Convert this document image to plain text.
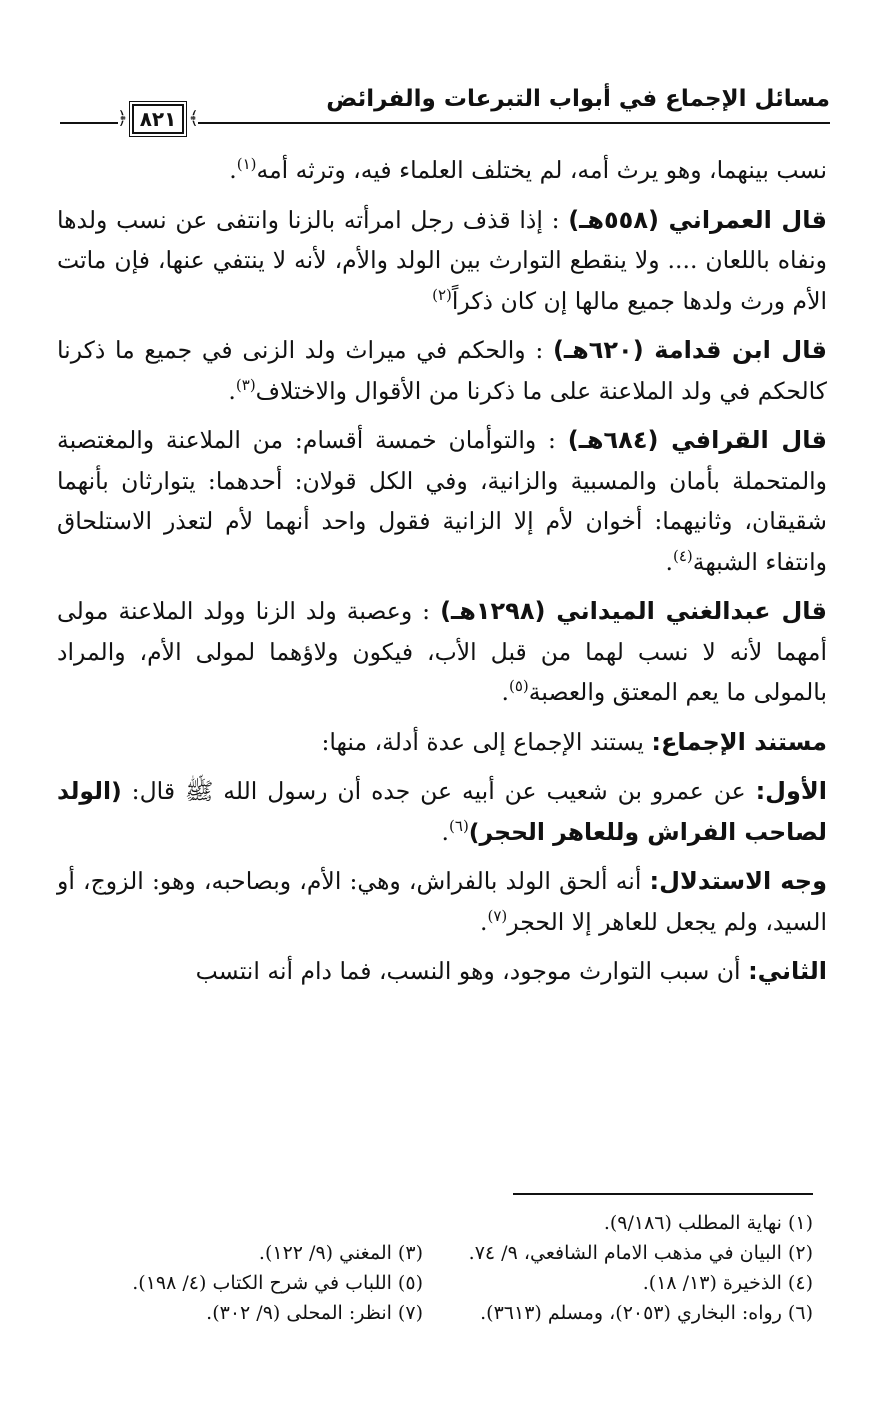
مسائل الإجماع في أبواب التبرعات والفرائض
﴾
٨٢١
﴿

نسب بينهما، وهو يرث أمه، لم يختلف العلماء فيه، وترثه أمه$^{(١)}$.

قال العمراني (٥٥٨هـ) : إذا قذف رجل امرأته بالزنا وانتفى عن نسب ولدها ونفاه باللعان .... ولا ينقطع التوارث بين الولد والأم، لأنه لا ينتفي عنها، فإن ماتت الأم ورث ولدها جميع مالها إن كان ذكراً$^{(٢)}$

قال ابن قدامة (٦٢٠هـ) : والحكم في ميراث ولد الزنى في جميع ما ذكرنا كالحكم في ولد الملاعنة على ما ذكرنا من الأقوال والاختلاف$^{(٣)}$.

قال القرافي (٦٨٤هـ) : والتوأمان خمسة أقسام: من الملاعنة والمغتصبة والمتحملة بأمان والمسبية والزانية، وفي الكل قولان: أحدهما: يتوارثان بأنهما شقيقان، وثانيهما: أخوان لأم إلا الزانية فقول واحد أنهما لأم لتعذر الاستلحاق وانتفاء الشبهة$^{(٤)}$.

قال عبدالغني الميداني (١٢٩٨هـ) : وعصبة ولد الزنا وولد الملاعنة مولى أمهما لأنه لا نسب لهما من قبل الأب، فيكون ولاؤهما لمولى الأم، والمراد بالمولى ما يعم المعتق والعصبة$^{(٥)}$.

مستند الإجماع: يستند الإجماع إلى عدة أدلة، منها:

الأول: عن عمرو بن شعيب عن أبيه عن جده أن رسول الله ﷺ قال: (الولد لصاحب الفراش وللعاهر الحجر)$^{(٦)}$.

وجه الاستدلال: أنه ألحق الولد بالفراش، وهي: الأم، وبصاحبه، وهو: الزوج، أو السيد، ولم يجعل للعاهر إلا الحجر$^{(٧)}$.

الثاني: أن سبب التوارث موجود، وهو النسب، فما دام أنه انتسب

(١) نهاية المطلب (٩/١٨٦).
(٢) البيان في مذهب الامام الشافعي، ٩/ ٧٤.
(٤) الذخيرة (١٣/ ١٨).
(٦) رواه: البخاري (٢٠٥٣)، ومسلم (٣٦١٣).
(٣) المغني (٩/ ١٢٢).
(٥) اللباب في شرح الكتاب (٤/ ١٩٨).
(٧) انظر: المحلى (٩/ ٣٠٢).
